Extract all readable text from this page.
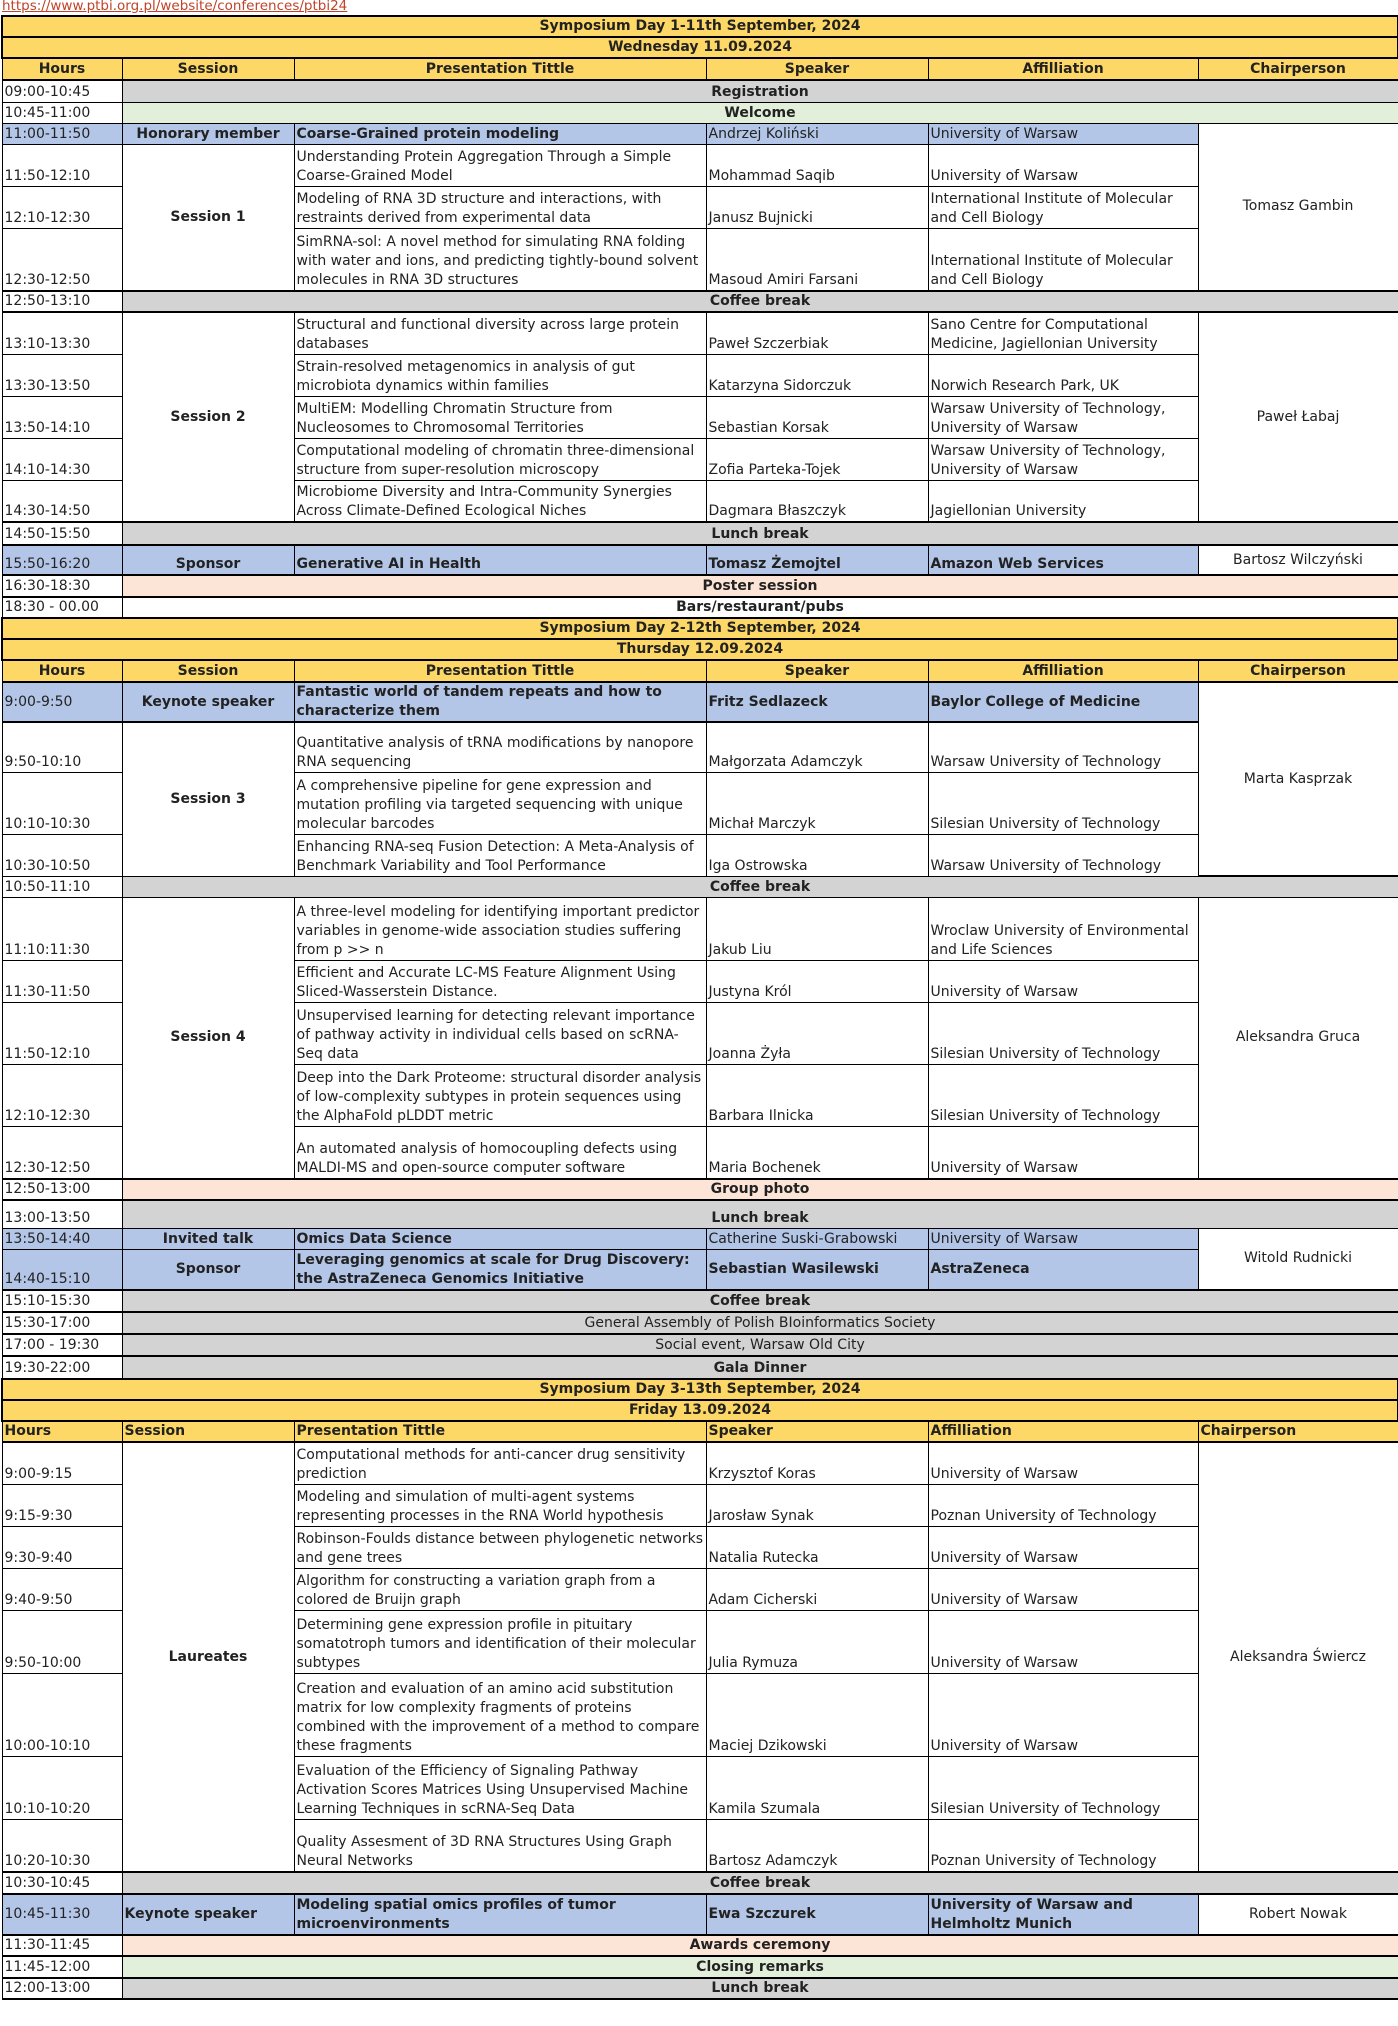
https://www.ptbi.org.pl/website/conferences/ptbi24
Symposium Day 1-11th September, 2024					
Wednesday 11.09.2024					
Hours	Session	Presentation Tittle	Speaker	Affilliation	Chairperson
09:00-10:45	Registration				
10:45-11:00	Welcome				
11:00-11:50	Honorary member	Coarse-Grained protein modeling	Andrzej Koliński	University of Warsaw	Tomasz Gambin
11:50-12:10	Session 1	Understanding Protein Aggregation Through a Simple Coarse-Grained Model	Mohammad Saqib	University of Warsaw	
12:10-12:30		Modeling of RNA 3D structure and interactions, with restraints derived from experimental data	Janusz Bujnicki	International Institute of Molecular and Cell Biology	
12:30-12:50		SimRNA-sol: A novel method for simulating RNA folding with water and ions, and predicting tightly-bound solvent molecules in RNA 3D structures	Masoud Amiri Farsani	International Institute of Molecular and Cell Biology	
12:50-13:10	Coffee break				
13:10-13:30	Session 2	Structural and functional diversity across large protein databases	Paweł Szczerbiak	Sano Centre for Computational Medicine, Jagiellonian University	Paweł Łabaj
13:30-13:50		Strain-resolved metagenomics in analysis of gut microbiota dynamics within families	Katarzyna Sidorczuk	Norwich Research Park, UK	
13:50-14:10		MultiEM: Modelling Chromatin Structure from Nucleosomes to Chromosomal Territories	Sebastian Korsak	Warsaw University of Technology, University of Warsaw	
14:10-14:30		Computational modeling of chromatin three-dimensional structure from super-resolution microscopy	Zofia Parteka-Tojek	Warsaw University of Technology, University of Warsaw	
14:30-14:50		Microbiome Diversity and Intra-Community Synergies Across Climate-Defined Ecological Niches	Dagmara Błaszczyk	Jagiellonian University	
14:50-15:50	Lunch break				
15:50-16:20	Sponsor	Generative AI in Health	Tomasz Żemojtel	Amazon Web Services	Bartosz Wilczyński
16:30-18:30	Poster session				
18:30 - 00.00	Bars/restaurant/pubs				
Symposium Day 2-12th September, 2024					
Thursday 12.09.2024					
Hours	Session	Presentation Tittle	Speaker	Affilliation	Chairperson
9:00-9:50	Keynote speaker	Fantastic world of tandem repeats and how to characterize them	Fritz Sedlazeck	Baylor College of Medicine	Marta Kasprzak
9:50-10:10	Session 3	Quantitative analysis of tRNA modifications by nanopore RNA sequencing	Małgorzata Adamczyk	Warsaw University of Technology	
10:10-10:30		A comprehensive pipeline for gene expression and mutation profiling via targeted sequencing with unique molecular barcodes	Michał Marczyk	Silesian University of Technology	
10:30-10:50		Enhancing RNA-seq Fusion Detection: A Meta-Analysis of Benchmark Variability and Tool Performance	Iga Ostrowska	Warsaw University of Technology	
10:50-11:10	Coffee break				
11:10:11:30	Session 4	A three-level modeling for identifying important predictor variables in genome-wide association studies suffering from p >> n	Jakub Liu	Wroclaw University of Environmental and Life Sciences	Aleksandra Gruca
11:30-11:50		Efficient and Accurate LC-MS Feature Alignment Using Sliced-Wasserstein Distance.	Justyna Król	University of Warsaw	
11:50-12:10		Unsupervised learning for detecting relevant importance of pathway activity in individual cells based on scRNA-Seq data	Joanna Żyła	Silesian University of Technology	
12:10-12:30		Deep into the Dark Proteome: structural disorder analysis of low-complexity subtypes in protein sequences using the AlphaFold pLDDT metric	Barbara Ilnicka	Silesian University of Technology	
12:30-12:50		An automated analysis of homocoupling defects using MALDI-MS and open-source computer software	Maria Bochenek	University of Warsaw	
12:50-13:00	Group photo				
13:00-13:50	Lunch break				
13:50-14:40	Invited talk	Omics Data Science	Catherine Suski-Grabowski	University of Warsaw	Witold Rudnicki
14:40-15:10	Sponsor	Leveraging genomics at scale for Drug Discovery: the AstraZeneca Genomics Initiative	Sebastian Wasilewski	AstraZeneca	
15:10-15:30	Coffee break				
15:30-17:00	General Assembly of Polish BIoinformatics Society				
17:00 - 19:30	Social event, Warsaw Old City				
19:30-22:00	Gala Dinner				
Symposium Day 3-13th September, 2024					
Friday 13.09.2024					
Hours	Session	Presentation Tittle	Speaker	Affilliation	Chairperson
9:00-9:15	Laureates	Computational methods for anti-cancer drug sensitivity prediction	Krzysztof Koras	University of Warsaw	Aleksandra Świercz
9:15-9:30		Modeling and simulation of multi-agent systems representing processes in the RNA World hypothesis	Jarosław Synak	Poznan University of Technology	
9:30-9:40		Robinson-Foulds distance between phylogenetic networks and gene trees	Natalia Rutecka	University of Warsaw	
9:40-9:50		Algorithm for constructing a variation graph from a colored de Bruijn graph	Adam Cicherski	University of Warsaw	
9:50-10:00		Determining gene expression profile in pituitary somatotroph tumors and identification of their molecular subtypes	Julia Rymuza	University of Warsaw	
10:00-10:10		Creation and evaluation of an amino acid substitution matrix for low complexity fragments of proteins combined with the improvement of a method to compare these fragments	Maciej Dzikowski	University of Warsaw	
10:10-10:20		Evaluation of the Efficiency of Signaling Pathway Activation Scores Matrices Using Unsupervised Machine Learning Techniques in scRNA-Seq Data	Kamila Szumala	Silesian University of Technology	
10:20-10:30		Quality Assesment of 3D RNA Structures Using Graph Neural Networks	Bartosz Adamczyk	Poznan University of Technology	
10:30-10:45	Coffee break				
10:45-11:30	Keynote speaker	Modeling spatial omics profiles of tumor microenvironments	Ewa Szczurek	University of Warsaw and Helmholtz Munich	Robert Nowak
11:30-11:45	Awards ceremony				
11:45-12:00	Closing remarks				
12:00-13:00	Lunch break				
